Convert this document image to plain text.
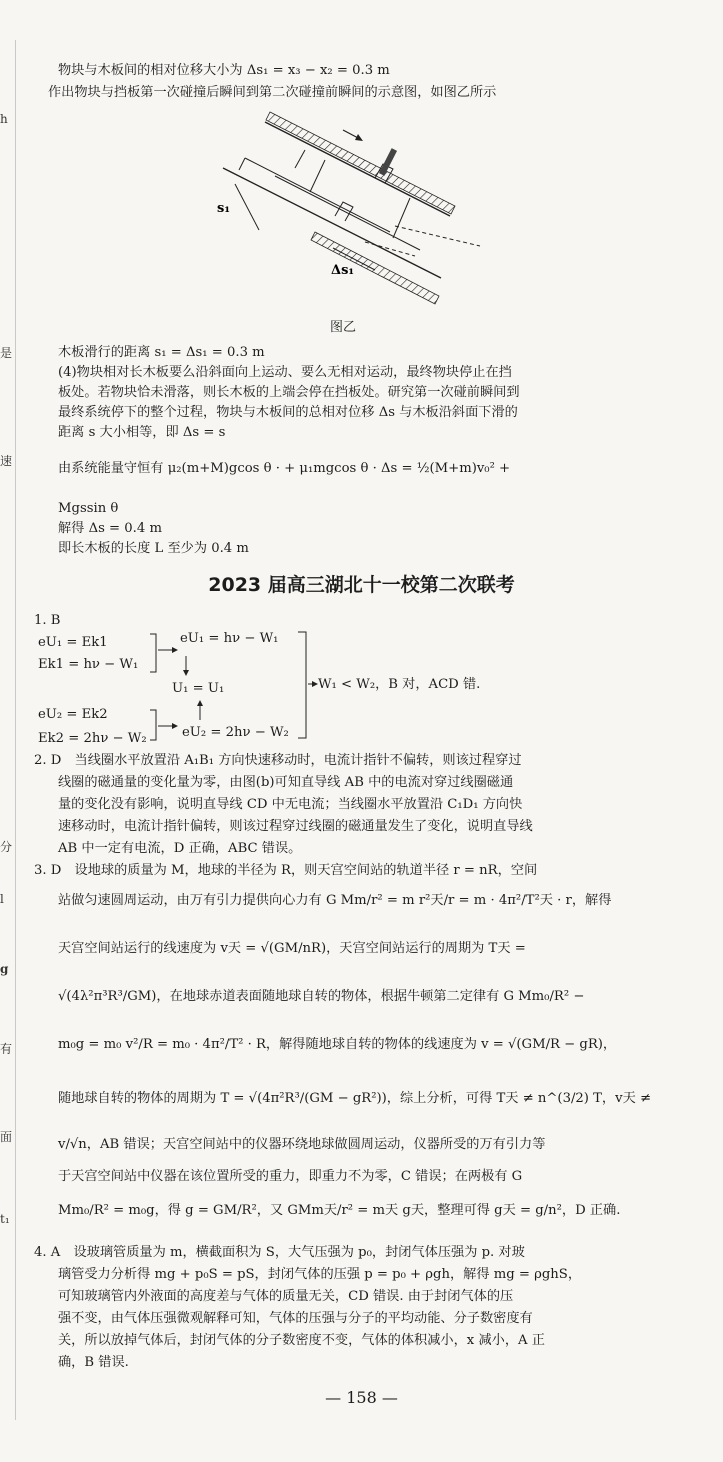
h
是
速
分
l
g
有
面
t₁
物块与木板间的相对位移大小为 Δs₁ = x₃ − x₂ = 0.3 m
作出物块与挡板第一次碰撞后瞬间到第二次碰撞前瞬间的示意图，如图乙所示
s₁
Δs₁
图乙
木板滑行的距离 s₁ = Δs₁ = 0.3 m
(4)物块相对长木板要么沿斜面向上运动、要么无相对运动，最终物块停止在挡
板处。若物块恰未滑落，则长木板的上端会停在挡板处。研究第一次碰前瞬间到
最终系统停下的整个过程，物块与木板间的总相对位移 Δs 与木板沿斜面下滑的
距离 s 大小相等，即 Δs = s
由系统能量守恒有 μ₂(m+M)gcos θ · + μ₁mgcos θ · Δs = ½(M+m)v₀² +
Mgssin θ
解得 Δs = 0.4 m
即长木板的长度 L 至少为 0.4 m
2023 届高三湖北十一校第二次联考
1. B
eU₁ = Ek1
Ek1 = hν − W₁
eU₁ = hν − W₁
U₁ = U₁
eU₂ = Ek2
Ek2 = 2hν − W₂	eU₂ = 2hν − W₂
W₁ < W₂，B 对，ACD 错.
2. D　当线圈水平放置沿 A₁B₁ 方向快速移动时，电流计指针不偏转，则该过程穿过
线圈的磁通量的变化量为零，由图(b)可知直导线 AB 中的电流对穿过线圈磁通
量的变化没有影响，说明直导线 CD 中无电流；当线圈水平放置沿 C₁D₁ 方向快
速移动时，电流计指针偏转，则该过程穿过线圈的磁通量发生了变化，说明直导线
AB 中一定有电流，D 正确，ABC 错误。
3. D　设地球的质量为 M，地球的半径为 R，则天宫空间站的轨道半径 r = nR，空间
站做匀速圆周运动，由万有引力提供向心力有 G Mm/r² = m r²天/r = m · 4π²/T²天 · r，解得
天宫空间站运行的线速度为 v天 = √(GM/nR)，天宫空间站运行的周期为 T天 =
√(4λ²π³R³/GM)，在地球赤道表面随地球自转的物体，根据牛顿第二定律有 G Mm₀/R² −
m₀g = m₀ v²/R = m₀ · 4π²/T² · R，解得随地球自转的物体的线速度为 v = √(GM/R − gR)，
随地球自转的物体的周期为 T = √(4π²R³/(GM − gR²))，综上分析，可得 T天 ≠ n^(3/2) T，v天 ≠
v/√n，AB 错误；天宫空间站中的仪器环绕地球做圆周运动，仪器所受的万有引力等
于天宫空间站中仪器在该位置所受的重力，即重力不为零，C 错误；在两极有 G
Mm₀/R² = m₀g，得 g = GM/R²，又 GMm天/r² = m天 g天，整理可得 g天 = g/n²，D 正确.
4. A　设玻璃管质量为 m，横截面积为 S，大气压强为 p₀，封闭气体压强为 p. 对玻
璃管受力分析得 mg + p₀S = pS，封闭气体的压强 p = p₀ + ρgh，解得 mg = ρghS，
可知玻璃管内外液面的高度差与气体的质量无关，CD 错误. 由于封闭气体的压
强不变，由气体压强微观解释可知，气体的压强与分子的平均动能、分子数密度有
关，所以放掉气体后，封闭气体的分子数密度不变，气体的体积减小，x 减小，A 正
确，B 错误.
— 158 —
